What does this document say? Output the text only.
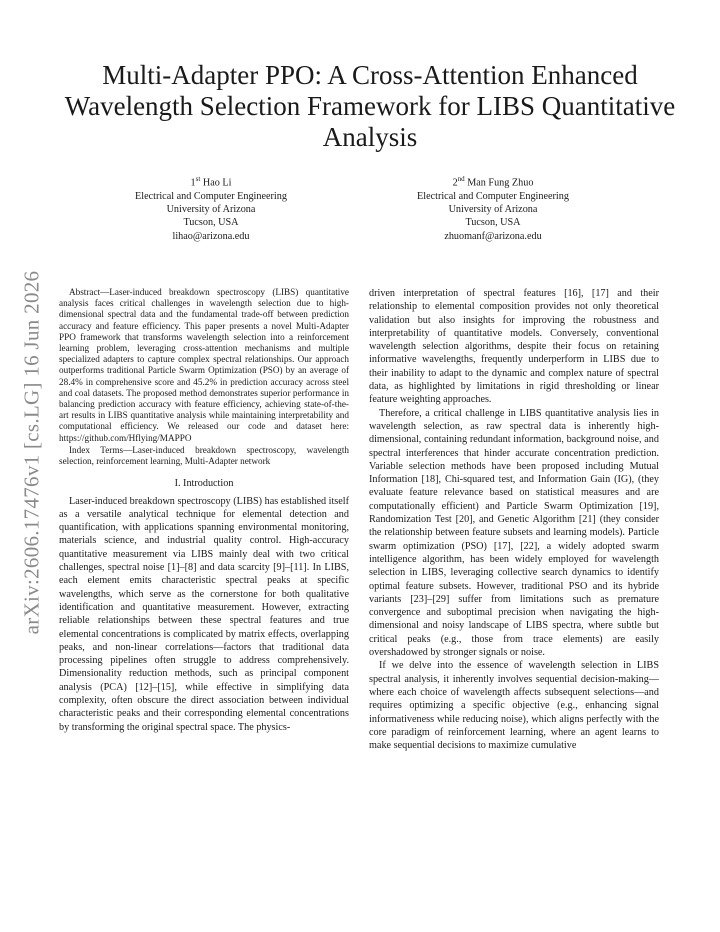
arXiv:2606.17476v1 [cs.LG] 16 Jun 2026
Multi-Adapter PPO: A Cross-Attention Enhanced Wavelength Selection Framework for LIBS Quantitative Analysis
1st Hao Li
Electrical and Computer Engineering
University of Arizona
Tucson, USA
lihao@arizona.edu
2nd Man Fung Zhuo
Electrical and Computer Engineering
University of Arizona
Tucson, USA
zhuomanf@arizona.edu

Abstract—Laser-induced breakdown spectroscopy (LIBS) quantitative analysis faces critical challenges in wavelength selection due to high-dimensional spectral data and the fundamental trade-off between prediction accuracy and feature efficiency. This paper presents a novel Multi-Adapter PPO framework that transforms wavelength selection into a reinforcement learning problem, leveraging cross-attention mechanisms and multiple specialized adapters to capture complex spectral relationships. Our approach outperforms traditional Particle Swarm Optimization (PSO) by an average of 28.4% in comprehensive score and 45.2% in prediction accuracy across steel and coal datasets. The proposed method demonstrates superior performance in balancing prediction accuracy with feature efficiency, achieving state-of-the-art results in LIBS quantitative analysis while maintaining interpretability and computational efficiency. We released our code and dataset here: https://github.com/Hflying/MAPPO

Index Terms—Laser-induced breakdown spectroscopy, wavelength selection, reinforcement learning, Multi-Adapter network

I. Introduction

Laser-induced breakdown spectroscopy (LIBS) has established itself as a versatile analytical technique for elemental detection and quantification, with applications spanning environmental monitoring, materials science, and industrial quality control. High-accuracy quantitative measurement via LIBS mainly deal with two critical challenges, spectral noise [1]–[8] and data scarcity [9]–[11]. In LIBS, each element emits characteristic spectral peaks at specific wavelengths, which serve as the cornerstone for both qualitative identification and quantitative measurement. However, extracting reliable relationships between these spectral features and true elemental concentrations is complicated by matrix effects, overlapping peaks, and non-linear correlations—factors that traditional data processing pipelines often struggle to address comprehensively. Dimensionality reduction methods, such as principal component analysis (PCA) [12]–[15], while effective in simplifying data complexity, often obscure the direct association between individual characteristic peaks and their corresponding elemental concentrations by transforming the original spectral space. The physics-

driven interpretation of spectral features [16], [17] and their relationship to elemental composition provides not only theoretical validation but also insights for improving the robustness and interpretability of quantitative models. Conversely, conventional wavelength selection algorithms, despite their focus on retaining informative wavelengths, frequently underperform in LIBS due to their inability to adapt to the dynamic and complex nature of spectral data, as highlighted by limitations in rigid thresholding or linear feature weighting approaches.

Therefore, a critical challenge in LIBS quantitative analysis lies in wavelength selection, as raw spectral data is inherently high-dimensional, containing redundant information, background noise, and spectral interferences that hinder accurate concentration prediction. Variable selection methods have been proposed including Mutual Information [18], Chi-squared test, and Information Gain (IG), (they evaluate feature relevance based on statistical measures and are computationally efficient) and Particle Swarm Optimization [19], Randomization Test [20], and Genetic Algorithm [21] (they consider the relationship between feature subsets and learning models). Particle swarm optimization (PSO) [17], [22], a widely adopted swarm intelligence algorithm, has been widely employed for wavelength selection in LIBS, leveraging collective search dynamics to identify optimal feature subsets. However, traditional PSO and its hybride variants [23]–[29] suffer from limitations such as premature convergence and suboptimal precision when navigating the high-dimensional and noisy landscape of LIBS spectra, where subtle but critical peaks (e.g., those from trace elements) are easily overshadowed by stronger signals or noise.

If we delve into the essence of wavelength selection in LIBS spectral analysis, it inherently involves sequential decision-making—where each choice of wavelength affects subsequent selections—and requires optimizing a specific objective (e.g., enhancing signal informativeness while reducing noise), which aligns perfectly with the core paradigm of reinforcement learning, where an agent learns to make sequential decisions to maximize cumulative
